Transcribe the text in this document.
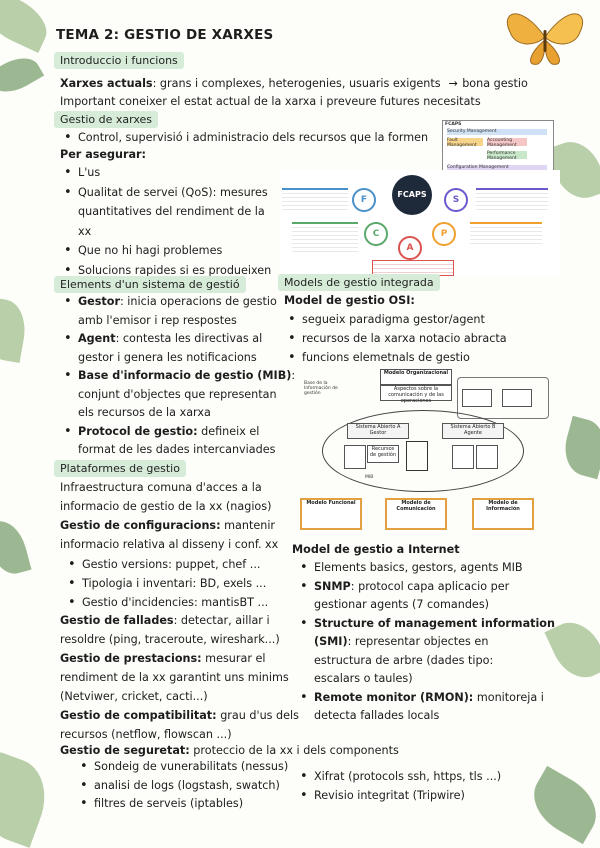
TEMA 2: GESTIO DE XARXES
Introduccio i funcions
Xarxes actuals: grans i complexes, heterogenies, usuaris exigents → bona gestio
Important coneixer el estat actual de la xarxa i preveure futures necesitats
Gestio de xarxes
• Control, supervisió i administracio dels recursos que la formen
Per asegurar:
• L'us
• Qualitat de servei (QoS): mesures
quantitatives del rendiment de la
xx
• Que no hi hagi problemes
• Solucions rapides si es produeixen
Elements d'un sistema de gestió
• Gestor: inicia operacions de gestio
amb l'emisor i rep respostes
• Agent: contesta les directivas al
gestor i genera les notificacions
• Base d'informacio de gestio (MIB):
conjunt d'objectes que representan
els recursos de la xarxa
• Protocol de gestio: defineix el
format de les dades intercanviades
Plataformes de gestio
Infraestructura comuna d'acces a la
informacio de gestio de la xx (nagios)
Gestio de configuracions: mantenir
informacio relativa al disseny i conf. xx
• Gestio versions: puppet, chef ...
• Tipologia i inventari: BD, exels ...
• Gestio d'incidencies: mantisBT ...
Gestio de fallades: detectar, aillar i
resoldre (ping, traceroute, wireshark...)
Gestio de prestacions: mesurar el
rendiment de la xx garantint uns minims
(Netviwer, cricket, cacti...)
Gestio de compatibilitat: grau d'us dels
recursos (netflow, flowscan ...)
Gestio de seguretat: proteccio de la xx i dels components
• Sondeig de vunerabilitats (nessus)
• analisi de logs (logstash, swatch)
• filtres de serveis (iptables)
• Xifrat (protocols ssh, https, tls ...)
• Revisio integritat (Tripwire)
FCAPS
Security Management
Fault Management
Accounting Management
Performance Management
Configuration Management
FCAPS
F
C
A
P
S
Models de gestio integrada
Model de gestio OSI:
• segueix paradigma gestor/agent
• recursos de la xarxa notacio abracta
• funcions elemetnals de gestio
Modelo Organizacional
Aspectos sobre la comunicación y de las operaciones
Base de la Información de gestión
Sistema Abierto A Gestor
Sistema Abierto B Agente
Recursos de gestión
MIB
Modelo Funcional	Modelo de Comunicación
Modelo de Información
Model de gestio a Internet
• Elements basics, gestors, agents MIB
• SNMP: protocol capa aplicacio per
gestionar agents (7 comandes)
• Structure of management information
(SMI): representar objectes en
estructura de arbre (dades tipo:
escalars o taules)
• Remote monitor (RMON): monitoreja i
detecta fallades locals
